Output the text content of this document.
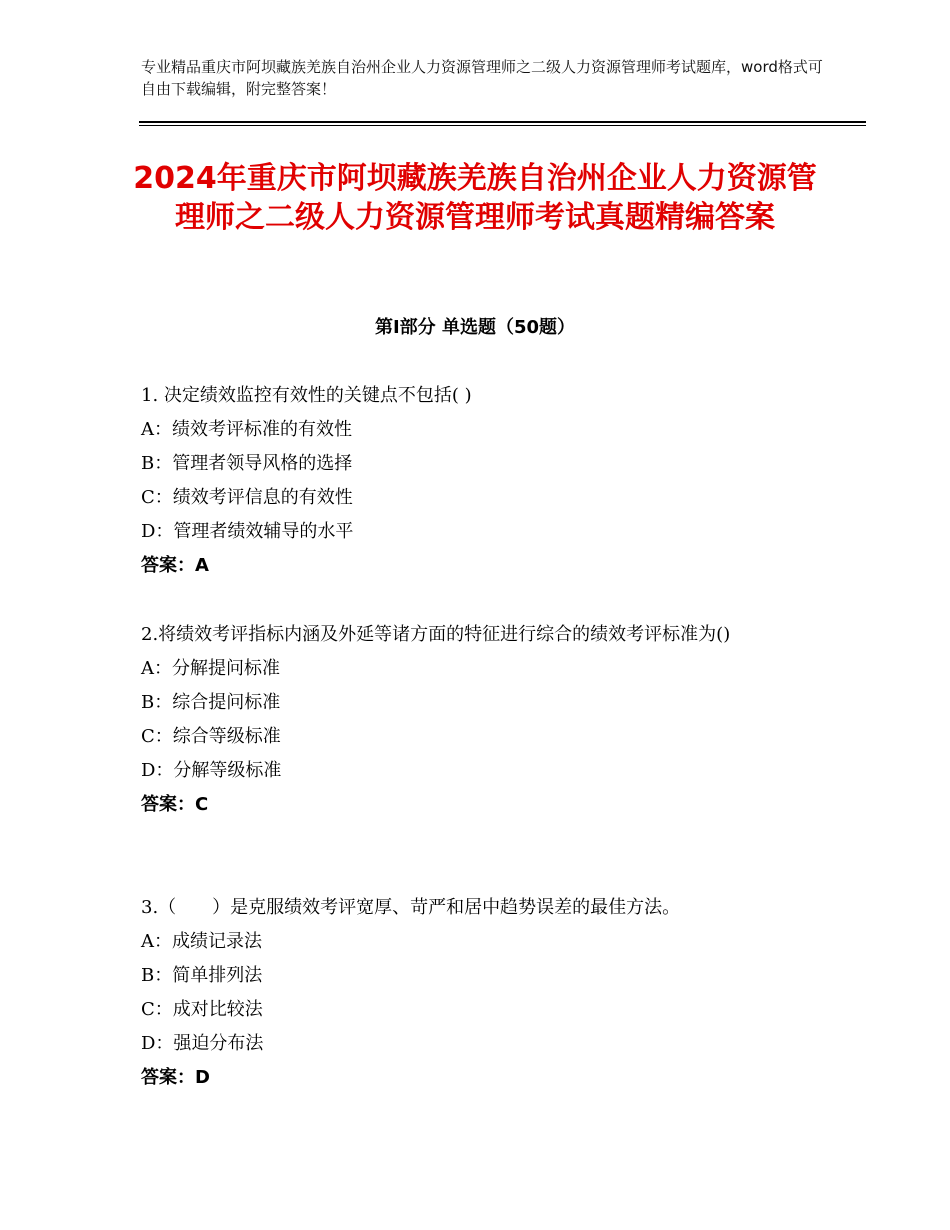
专业精品重庆市阿坝藏族羌族自治州企业人力资源管理师之二级人力资源管理师考试题库，word格式可自由下载编辑，附完整答案！
2024年重庆市阿坝藏族羌族自治州企业人力资源管理师之二级人力资源管理师考试真题精编答案
第Ⅰ部分 单选题（50题）
1. 决定绩效监控有效性的关键点不包括( )
A：绩效考评标准的有效性
B：管理者领导风格的选择
C：绩效考评信息的有效性
D：管理者绩效辅导的水平
答案：A
2.将绩效考评指标内涵及外延等诸方面的特征进行综合的绩效考评标准为()
A：分解提问标准
B：综合提问标准
C：综合等级标准
D：分解等级标准
答案：C
3.（　　）是克服绩效考评宽厚、苛严和居中趋势误差的最佳方法。
A：成绩记录法
B：简单排列法
C：成对比较法
D：强迫分布法
答案：D
